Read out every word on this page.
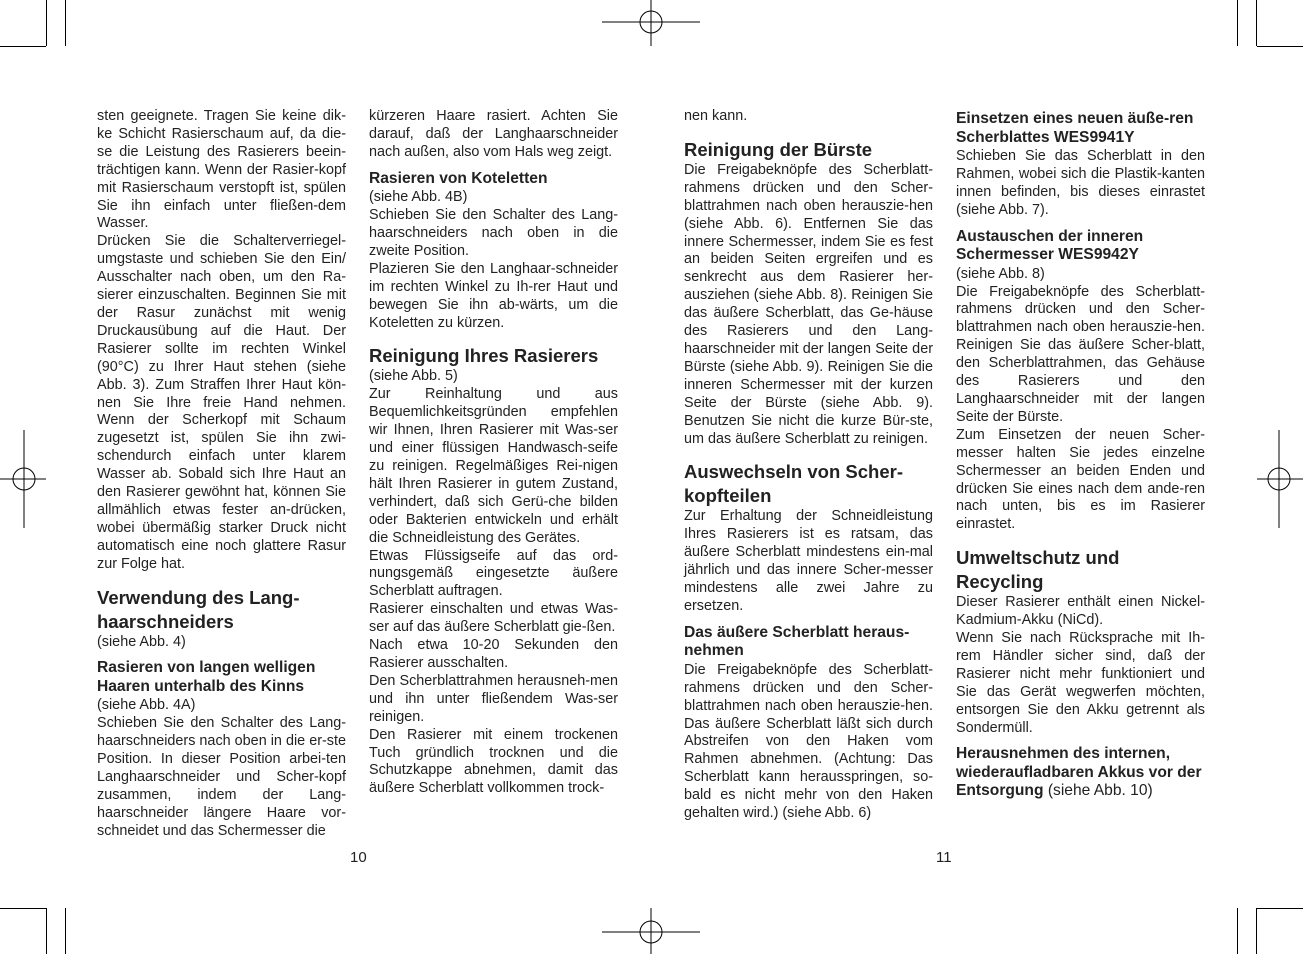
sten geeignete. Tragen Sie keine dik-ke Schicht Rasierschaum auf, da die-se die Leistung des Rasierers beein-trächtigen kann. Wenn der Rasier-kopf mit Rasierschaum verstopft ist, spülen Sie ihn einfach unter fließen-dem Wasser.

Drücken Sie die Schalterverriegel-umgstaste und schieben Sie den Ein/ Ausschalter nach oben, um den Ra-sierer einzuschalten. Beginnen Sie mit der Rasur zunächst mit wenig Druckausübung auf die Haut. Der Rasierer sollte im rechten Winkel (90°C) zu Ihrer Haut stehen (siehe Abb. 3). Zum Straffen Ihrer Haut kön-nen Sie Ihre freie Hand nehmen. Wenn der Scherkopf mit Schaum zugesetzt ist, spülen Sie ihn zwi-schendurch einfach unter klarem Wasser ab. Sobald sich Ihre Haut an den Rasierer gewöhnt hat, können Sie allmählich etwas fester an-drücken, wobei übermäßig starker Druck nicht automatisch eine noch glattere Rasur zur Folge hat.

Verwendung des Lang-haarschneiders

(siehe Abb. 4)

Rasieren von langen welligen Haaren unterhalb des Kinns

(siehe Abb. 4A)

Schieben Sie den Schalter des Lang-haarschneiders nach oben in die er-ste Position. In dieser Position arbei-ten Langhaarschneider und Scher-kopf zusammen, indem der Lang-haarschneider längere Haare vor-schneidet und das Schermesser die

kürzeren Haare rasiert. Achten Sie darauf, daß der Langhaarschneider nach außen, also vom Hals weg zeigt.

Rasieren von Koteletten

(siehe Abb. 4B)

Schieben Sie den Schalter des Lang-haarschneiders nach oben in die zweite Position.

Plazieren Sie den Langhaar-schneider im rechten Winkel zu Ih-rer Haut und bewegen Sie ihn ab-wärts, um die Koteletten zu kürzen.

Reinigung Ihres Rasierers

(siehe Abb. 5)

Zur Reinhaltung und aus Bequemlichkeitsgründen empfehlen wir Ihnen, Ihren Rasierer mit Was-ser und einer flüssigen Handwasch-seife zu reinigen. Regelmäßiges Rei-nigen hält Ihren Rasierer in gutem Zustand, verhindert, daß sich Gerü-che bilden oder Bakterien entwickeln und erhält die Schneidleistung des Gerätes.

Etwas Flüssigseife auf das ord-nungsgemäß eingesetzte äußere Scherblatt auftragen.

Rasierer einschalten und etwas Was-ser auf das äußere Scherblatt gie-ßen.

Nach etwa 10-20 Sekunden den Rasierer ausschalten.

Den Scherblattrahmen herausneh-men und ihn unter fließendem Was-ser reinigen.

Den Rasierer mit einem trockenen Tuch gründlich trocknen und die Schutzkappe abnehmen, damit das äußere Scherblatt vollkommen trock-

nen kann.

Reinigung der Bürste

Die Freigabeknöpfe des Scherblatt-rahmens drücken und den Scher-blattrahmen nach oben herauszie-hen (siehe Abb. 6). Entfernen Sie das innere Schermesser, indem Sie es fest an beiden Seiten ergreifen und es senkrecht aus dem Rasierer her-ausziehen (siehe Abb. 8). Reinigen Sie das äußere Scherblatt, das Ge-häuse des Rasierers und den Lang-haarschneider mit der langen Seite der Bürste (siehe Abb. 9). Reinigen Sie die inneren Schermesser mit der kurzen Seite der Bürste (siehe Abb. 9). Benutzen Sie nicht die kurze Bür-ste, um das äußere Scherblatt zu reinigen.

Auswechseln von Scher-kopfteilen

Zur Erhaltung der Schneidleistung Ihres Rasierers ist es ratsam, das äußere Scherblatt mindestens ein-mal jährlich und das innere Scher-messer mindestens alle zwei Jahre zu ersetzen.

Das äußere Scherblatt heraus-nehmen

Die Freigabeknöpfe des Scherblatt-rahmens drücken und den Scher-blattrahmen nach oben herauszie-hen. Das äußere Scherblatt läßt sich durch Abstreifen von den Haken vom Rahmen abnehmen. (Achtung: Das Scherblatt kann herausspringen, so-bald es nicht mehr von den Haken gehalten wird.) (siehe Abb. 6)

Einsetzen eines neuen äuße-ren Scherblattes WES9941Y

Schieben Sie das Scherblatt in den Rahmen, wobei sich die Plastik-kanten innen befinden, bis dieses einrastet (siehe Abb. 7).

Austauschen der inneren Schermesser WES9942Y

(siehe Abb. 8)

Die Freigabeknöpfe des Scherblatt-rahmens drücken und den Scher-blattrahmen nach oben herauszie-hen. Reinigen Sie das äußere Scher-blatt, den Scherblattrahmen, das Gehäuse des Rasierers und den Langhaarschneider mit der langen Seite der Bürste.

Zum Einsetzen der neuen Scher-messer halten Sie jedes einzelne Schermesser an beiden Enden und drücken Sie eines nach dem ande-ren nach unten, bis es im Rasierer einrastet.

Umweltschutz und Recycling

Dieser Rasierer enthält einen Nickel-Kadmium-Akku (NiCd).

Wenn Sie nach Rücksprache mit Ih-rem Händler sicher sind, daß der Rasierer nicht mehr funktioniert und Sie das Gerät wegwerfen möchten, entsorgen Sie den Akku getrennt als Sondermüll.

Herausnehmen des internen, wiederaufladbaren Akkus vor der Entsorgung (siehe Abb. 10)
10	11
